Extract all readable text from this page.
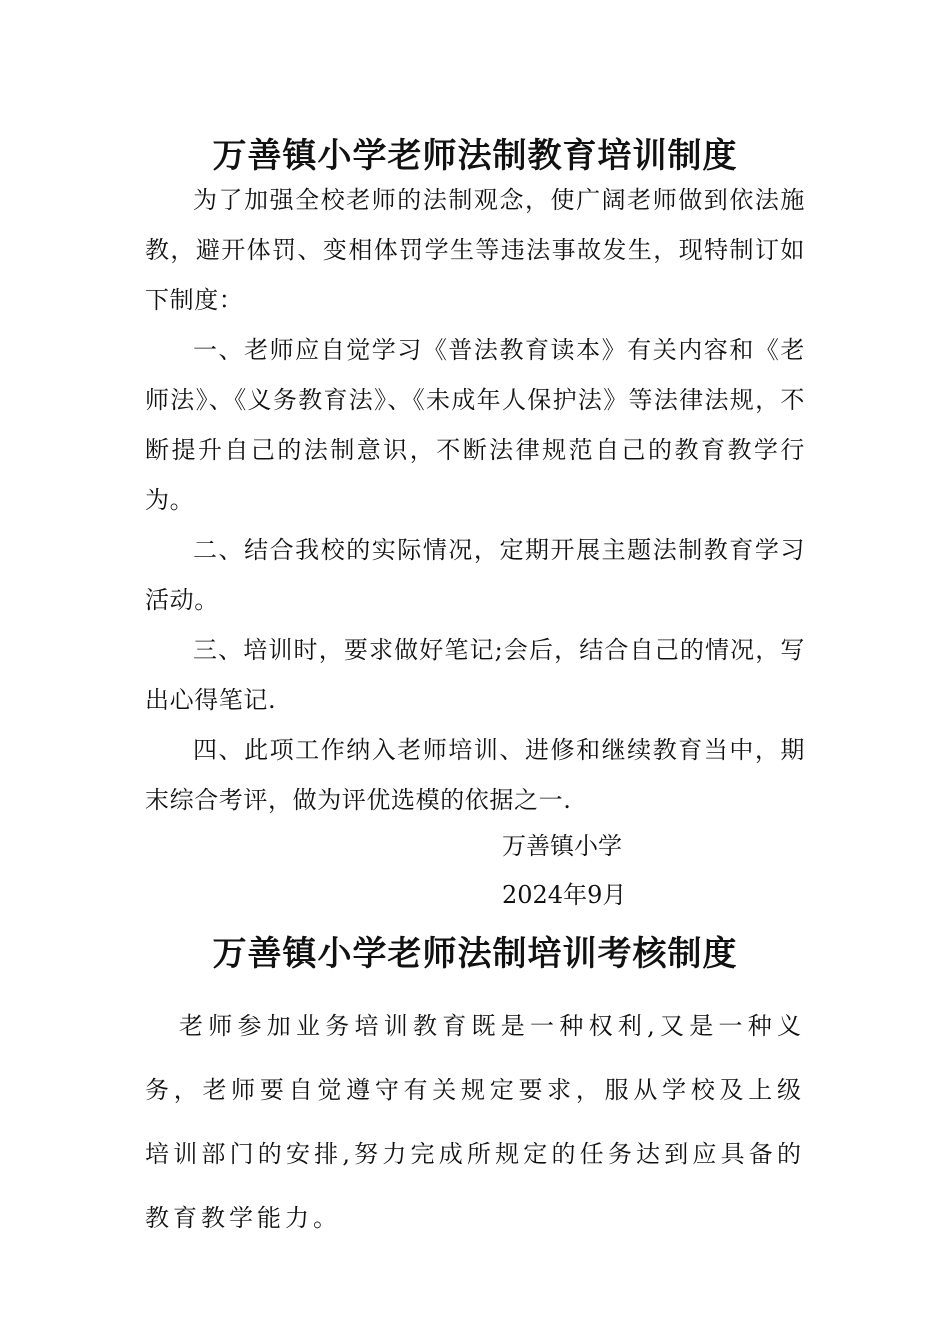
万善镇小学老师法制教育培训制度

为了加强全校老师的法制观念，使广阔老师做到依法施教，避开体罚、变相体罚学生等违法事故发生，现特制订如下制度：

一、老师应自觉学习《普法教育读本》有关内容和《老师法》、《义务教育法》、《未成年人保护法》等法律法规，不断提升自己的法制意识，不断法律规范自己的教育教学行为。

二、结合我校的实际情况，定期开展主题法制教育学习活动。

三、培训时，要求做好笔记;会后，结合自己的情况，写出心得笔记.

四、此项工作纳入老师培训、进修和继续教育当中，期末综合考评，做为评优选模的依据之一.

万善镇小学

2024年9月

万善镇小学老师法制培训考核制度

老师参加业务培训教育既是一种权利,又是一种义务，老师要自觉遵守有关规定要求，服从学校及上级培训部门的安排,努力完成所规定的任务达到应具备的教育教学能力。
